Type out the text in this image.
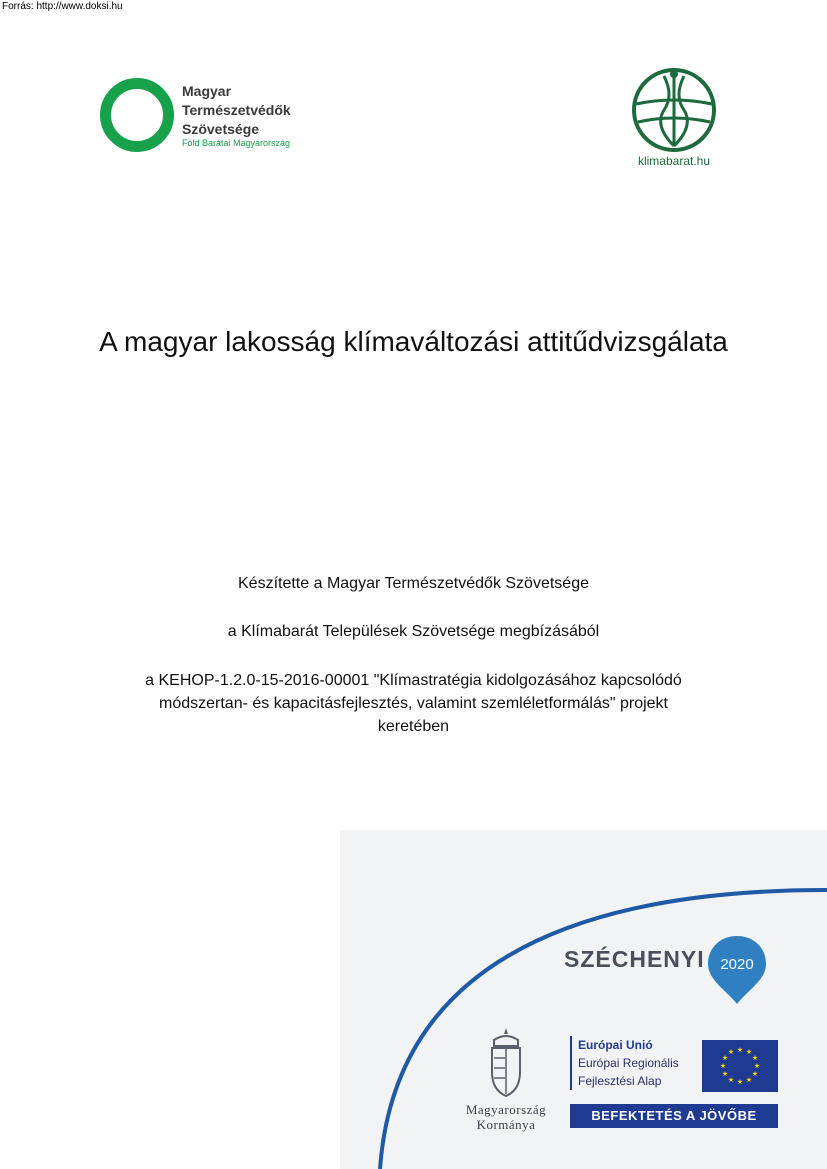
Forrás: http://www.doksi.hu
Magyar
Természetvédők
Szövetsége
Föld Barátai Magyarország
klimabarat.hu
A magyar lakosság klímaváltozási attitűdvizsgálata
Készítette a Magyar Természetvédők Szövetsége
a Klímabarát Települések Szövetsége megbízásából
a KEHOP-1.2.0-15-2016-00001 "Klímastratégia kidolgozásához kapcsolódó
módszertan- és kapacitásfejlesztés, valamint szemléletformálás" projekt
keretében
SZÉCHENYI 2020
Magyarország
Kormánya
Európai Unió
Európai Regionális
Fejlesztési Alap
★ ★
★
★
★
★
★
★
★
★
★
★
BEFEKTETÉS A JÖVŐBE
